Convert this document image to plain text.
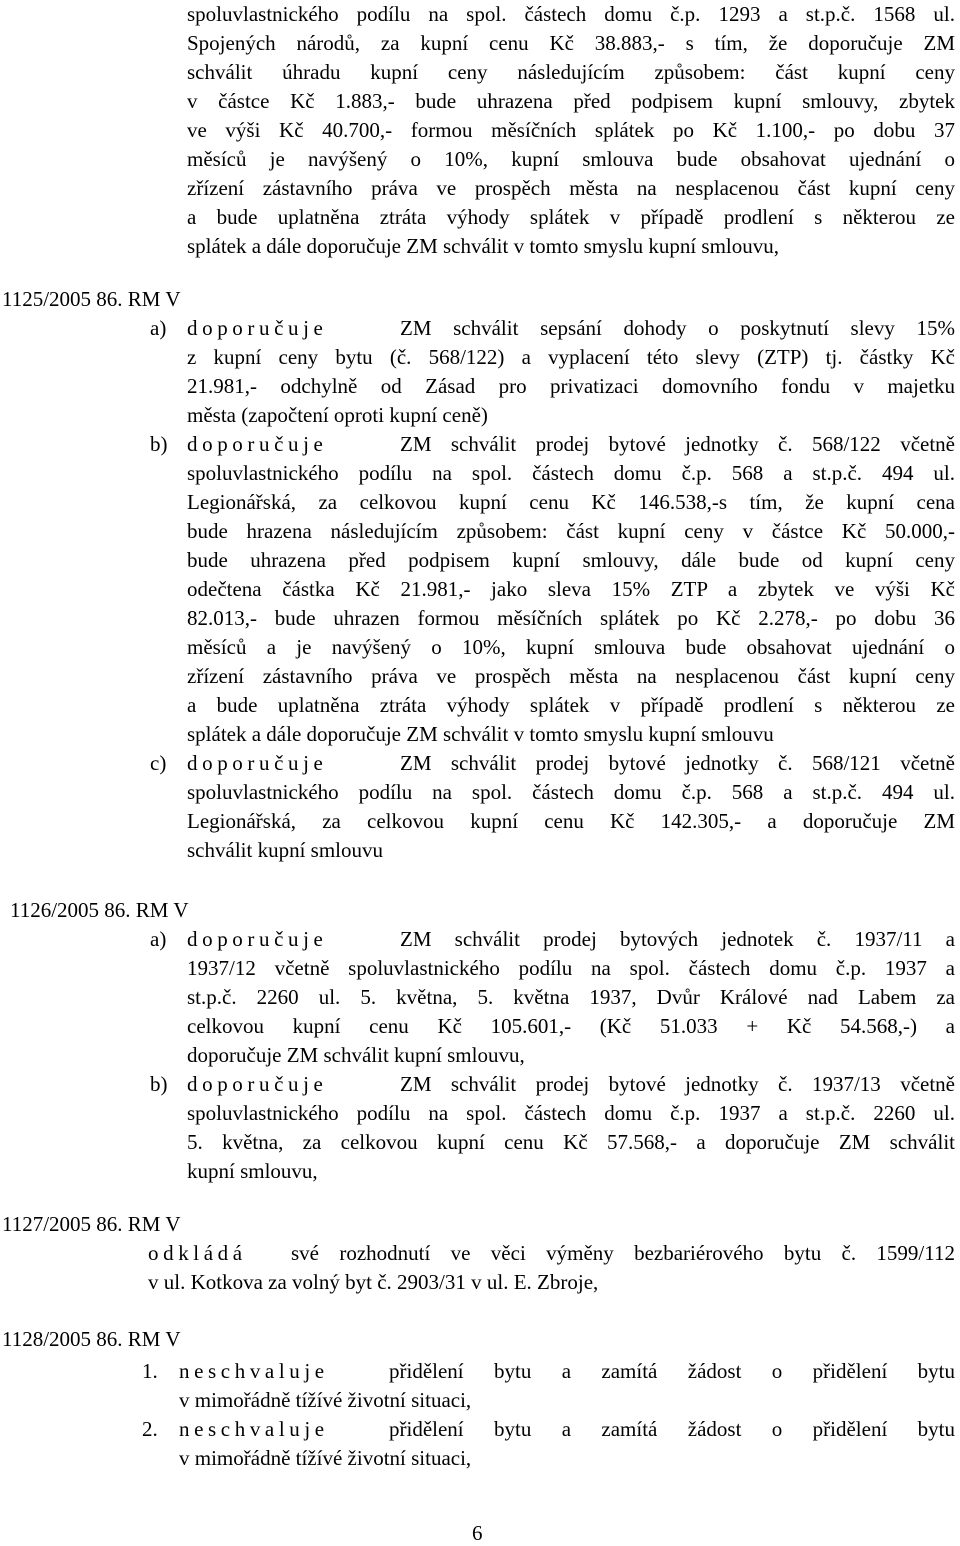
spoluvlastnického podílu na spol. částech domu č.p. 1293 a st.p.č. 1568 ul.
Spojených národů, za kupní cenu Kč 38.883,- s tím, že doporučuje ZM
schválit úhradu kupní ceny následujícím způsobem: část kupní ceny
v částce Kč 1.883,- bude uhrazena před podpisem kupní smlouvy, zbytek
ve výši Kč 40.700,- formou měsíčních splátek po Kč 1.100,- po dobu 37
měsíců je navýšený o 10%, kupní smlouva bude obsahovat ujednání o
zřízení zástavního práva ve prospěch města na nesplacenou část kupní ceny
a bude uplatněna ztráta výhody splátek v případě prodlení s některou ze
splátek a dále doporučuje ZM schválit v tomto smyslu kupní smlouvu,
1125/2005 86. RM V
a) doporučuje	ZM schválit sepsání dohody o poskytnutí slevy 15%
z kupní ceny bytu (č. 568/122) a vyplacení této slevy (ZTP) tj. částky Kč
21.981,- odchylně od Zásad pro privatizaci domovního fondu v majetku
města (započtení oproti kupní ceně)
b) doporučuje	ZM schválit prodej bytové jednotky č. 568/122 včetně
spoluvlastnického podílu na spol. částech domu č.p. 568 a st.p.č. 494 ul.
Legionářská, za celkovou kupní cenu Kč 146.538,-s tím, že kupní cena
bude hrazena následujícím způsobem: část kupní ceny v částce Kč 50.000,-
bude uhrazena před podpisem kupní smlouvy, dále bude od kupní ceny
odečtena částka Kč 21.981,- jako sleva 15% ZTP a zbytek ve výši Kč
82.013,- bude uhrazen formou měsíčních splátek po Kč 2.278,- po dobu 36
měsíců a je navýšený o 10%, kupní smlouva bude obsahovat ujednání o
zřízení zástavního práva ve prospěch města na nesplacenou část kupní ceny
a bude uplatněna ztráta výhody splátek v případě prodlení s některou ze
splátek a dále doporučuje ZM schválit v tomto smyslu kupní smlouvu
c) doporučuje	ZM schválit prodej bytové jednotky č. 568/121 včetně
spoluvlastnického podílu na spol. částech domu č.p. 568 a st.p.č. 494 ul.
Legionářská, za celkovou kupní cenu Kč 142.305,- a doporučuje ZM
schválit kupní smlouvu
1126/2005 86. RM V
a) doporučuje	ZM schválit prodej bytových jednotek č. 1937/11 a
1937/12 včetně spoluvlastnického podílu na spol. částech domu č.p. 1937 a
st.p.č. 2260 ul. 5. května, 5. května 1937, Dvůr Králové nad Labem za
celkovou kupní cenu Kč 105.601,- (Kč 51.033 + Kč 54.568,-) a
doporučuje ZM schválit kupní smlouvu,
b) doporučuje	ZM schválit prodej bytové jednotky č. 1937/13 včetně
spoluvlastnického podílu na spol. částech domu č.p. 1937 a st.p.č. 2260 ul.
5. května, za celkovou kupní cenu Kč 57.568,- a doporučuje ZM schválit
kupní smlouvu,
1127/2005 86. RM V
odkládá své rozhodnutí ve věci výměny bezbariérového bytu č. 1599/112
v ul. Kotkova za volný byt č. 2903/31 v ul. E. Zbroje,
1128/2005 86. RM V
1. neschvaluje	přidělení bytu a zamítá žádost o přidělení bytu
v mimořádně tížívé životní situaci,
2. neschvaluje	přidělení bytu a zamítá žádost o přidělení bytu
v mimořádně tížívé životní situaci,
6
